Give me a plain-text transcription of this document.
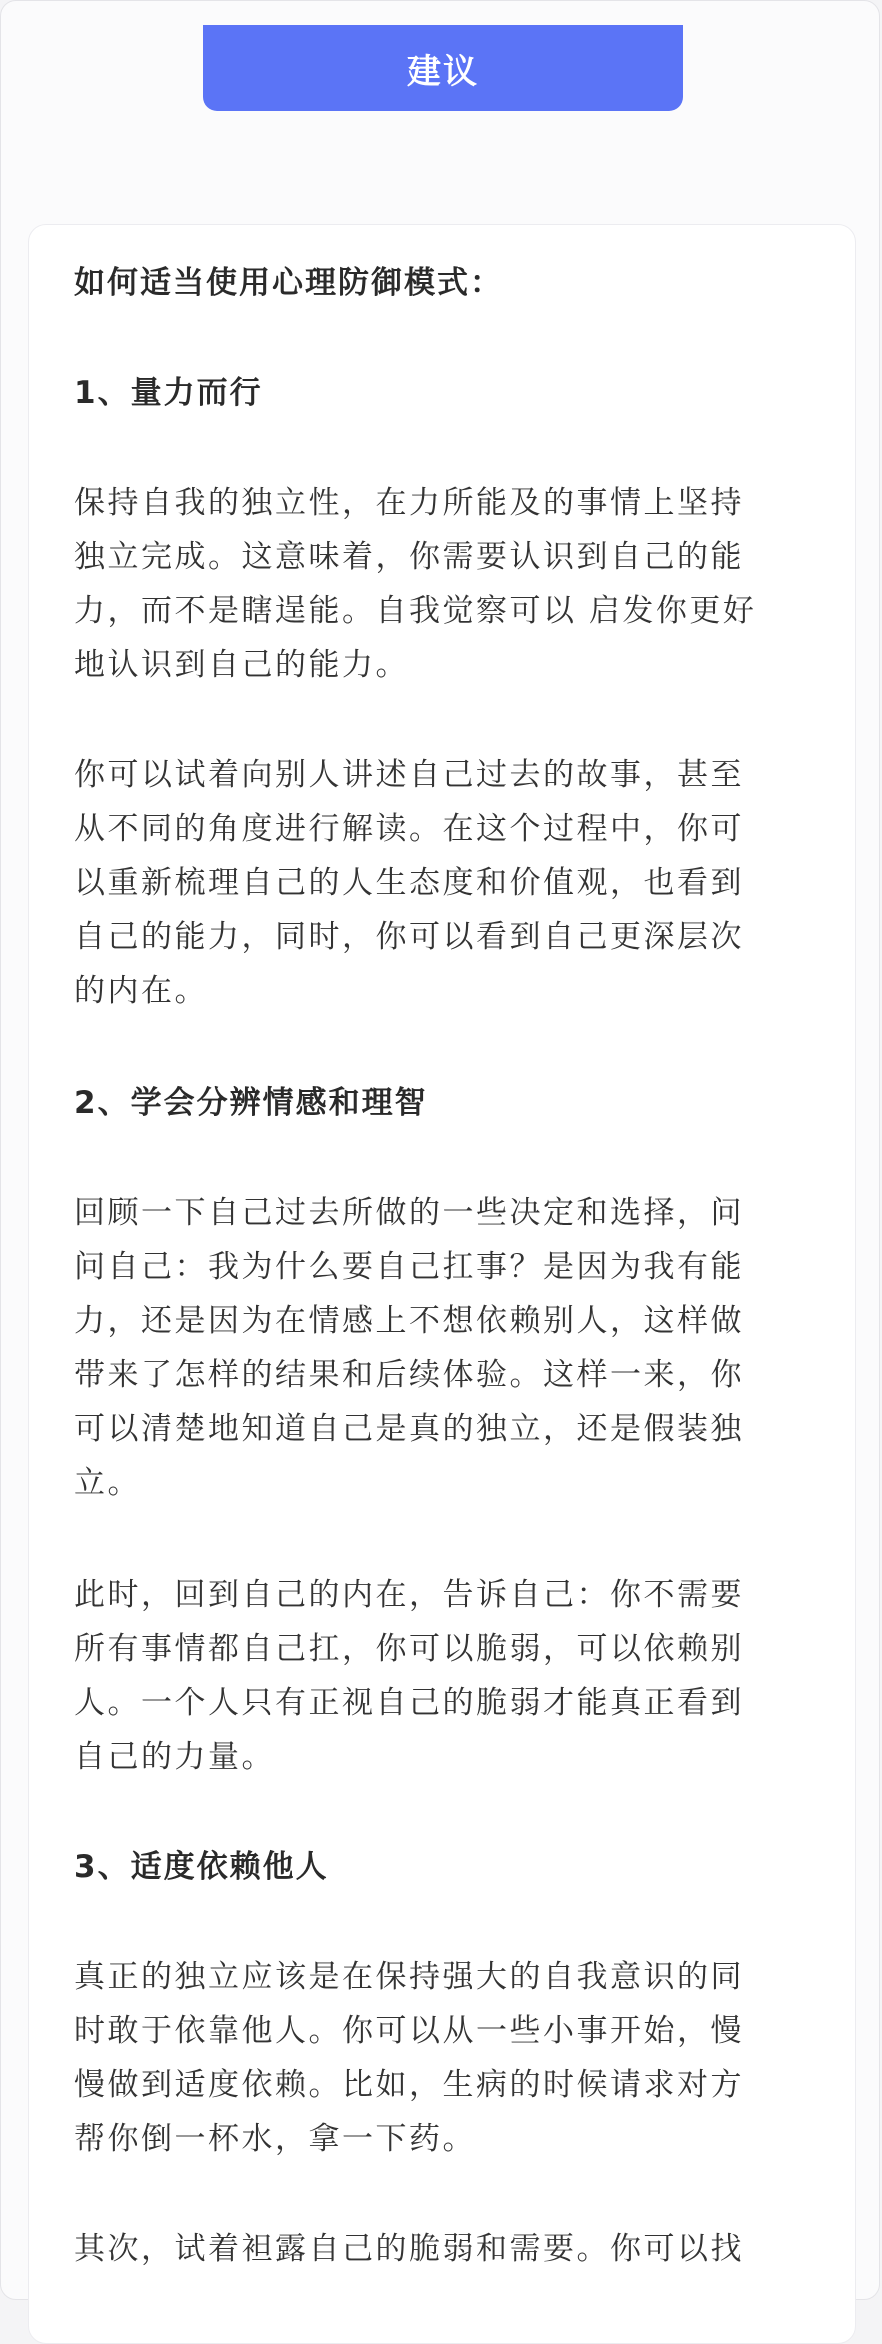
建议
如何适当使用心理防御模式：
1、量力而行
保持自我的独立性，在力所能及的事情上坚持
独立完成。这意味着，你需要认识到自己的能
力，而不是瞎逞能。自我觉察可以 启发你更好
地认识到自己的能力。
你可以试着向别人讲述自己过去的故事，甚至
从不同的角度进行解读。在这个过程中，你可
以重新梳理自己的人生态度和价值观，也看到
自己的能力，同时，你可以看到自己更深层次
的内在。
2、学会分辨情感和理智
回顾一下自己过去所做的一些决定和选择，问
问自己：我为什么要自己扛事？是因为我有能
力，还是因为在情感上不想依赖别人，这样做
带来了怎样的结果和后续体验。这样一来，你
可以清楚地知道自己是真的独立，还是假装独
立。
此时，回到自己的内在，告诉自己：你不需要
所有事情都自己扛，你可以脆弱，可以依赖别
人。一个人只有正视自己的脆弱才能真正看到
自己的力量。
3、适度依赖他人
真正的独立应该是在保持强大的自我意识的同
时敢于依靠他人。你可以从一些小事开始，慢
慢做到适度依赖。比如，生病的时候请求对方
帮你倒一杯水，拿一下药。
其次，试着袒露自己的脆弱和需要。你可以找
